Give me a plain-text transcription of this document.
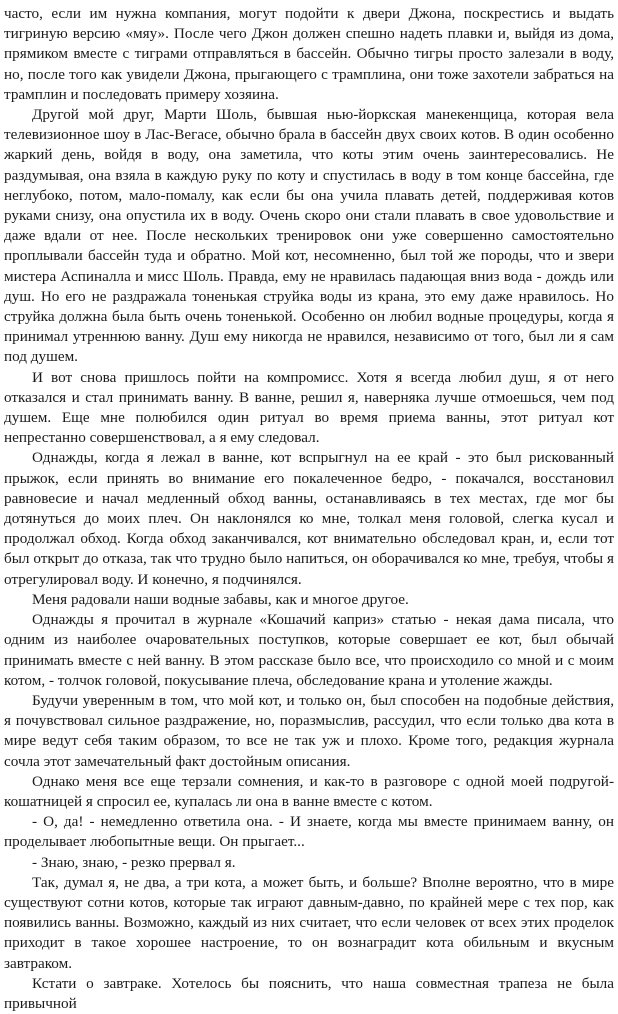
часто, если им нужна компания, могут подойти к двери Джона, поскрестись и выдать тигриную версию «мяу». После чего Джон должен спешно надеть плавки и, выйдя из дома, прямиком вместе с тиграми отправляться в бассейн. Обычно тигры просто залезали в воду, но, после того как увидели Джона, прыгающего с трамплина, они тоже захотели забраться на трамплин и последовать примеру хозяина.

Другой мой друг, Марти Шоль, бывшая нью-йоркская манекенщица, которая вела телевизионное шоу в Лас-Вегасе, обычно брала в бассейн двух своих котов. В один особенно жаркий день, войдя в воду, она заметила, что коты этим очень заинтересовались. Не раздумывая, она взяла в каждую руку по коту и спустилась в воду в том конце бассейна, где неглубоко, потом, мало-помалу, как если бы она учила плавать детей, поддерживая котов руками снизу, она опустила их в воду. Очень скоро они стали плавать в свое удовольствие и даже вдали от нее. После нескольких тренировок они уже совершенно самостоятельно проплывали бассейн туда и обратно. Мой кот, несомненно, был той же породы, что и звери мистера Аспиналла и мисс Шоль. Правда, ему не нравилась падающая вниз вода - дождь или душ. Но его не раздражала тоненькая струйка воды из крана, это ему даже нравилось. Но струйка должна была быть очень тоненькой. Особенно он любил водные процедуры, когда я принимал утреннюю ванну. Душ ему никогда не нравился, независимо от того, был ли я сам под душем.

И вот снова пришлось пойти на компромисс. Хотя я всегда любил душ, я от него отказался и стал принимать ванну. В ванне, решил я, наверняка лучше отмоешься, чем под душем. Еще мне полюбился один ритуал во время приема ванны, этот ритуал кот непрестанно совершенствовал, а я ему следовал.

Однажды, когда я лежал в ванне, кот вспрыгнул на ее край - это был рискованный прыжок, если принять во внимание его покалеченное бедро, - покачался, восстановил равновесие и начал медленный обход ванны, останавливаясь в тех местах, где мог бы дотянуться до моих плеч. Он наклонялся ко мне, толкал меня головой, слегка кусал и продолжал обход. Когда обход заканчивался, кот внимательно обследовал кран, и, если тот был открыт до отказа, так что трудно было напиться, он оборачивался ко мне, требуя, чтобы я отрегулировал воду. И конечно, я подчинялся.

Меня радовали наши водные забавы, как и многое другое.

Однажды я прочитал в журнале «Кошачий каприз» статью - некая дама писала, что одним из наиболее очаровательных поступков, которые совершает ее кот, был обычай принимать вместе с ней ванну. В этом рассказе было все, что происходило со мной и с моим котом, - толчок головой, покусывание плеча, обследование крана и утоление жажды.

Будучи уверенным в том, что мой кот, и только он, был способен на подобные действия, я почувствовал сильное раздражение, но, поразмыслив, рассудил, что если только два кота в мире ведут себя таким образом, то все не так уж и плохо. Кроме того, редакция журнала сочла этот замечательный факт достойным описания.

Однако меня все еще терзали сомнения, и как-то в разговоре с одной моей подругой-кошатницей я спросил ее, купалась ли она в ванне вместе с котом.

- О, да! - немедленно ответила она. - И знаете, когда мы вместе принимаем ванну, он проделывает любопытные вещи. Он прыгает...

- Знаю, знаю, - резко прервал я.

Так, думал я, не два, а три кота, а может быть, и больше? Вполне вероятно, что в мире существуют сотни котов, которые так играют давным-давно, по крайней мере с тех пор, как появились ванны. Возможно, каждый из них считает, что если человек от всех этих проделок приходит в такое хорошее настроение, то он вознаградит кота обильным и вкусным завтраком.

Кстати о завтраке. Хотелось бы пояснить, что наша совместная трапеза не была привычной
